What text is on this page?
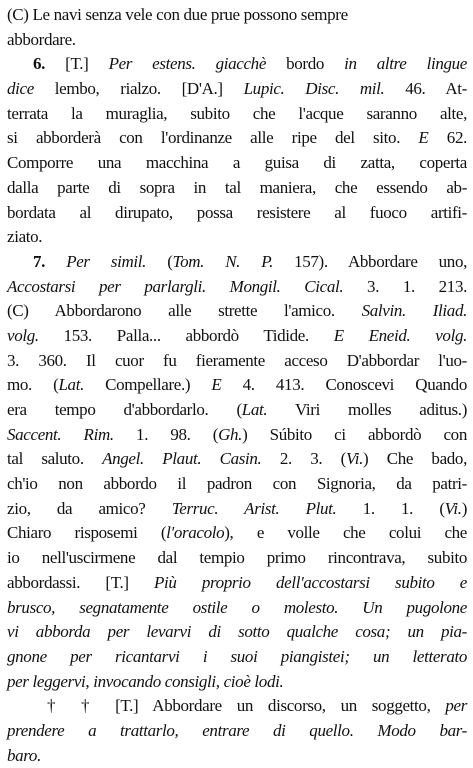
(C) Le navi senza vele con due prue possono sempre
abbordare.
6. [T.] Per estens. giacchè bordo in altre lingue
dice lembo, rialzo. [D'A.] Lupic. Disc. mil. 46. At-
terrata la muraglia, subito che l'acque saranno alte,
si abborderà con l'ordinanze alle ripe del sito. E 62.
Comporre una macchina a guisa di zatta, coperta
dalla parte di sopra in tal maniera, che essendo ab-
bordata al dirupato, possa resistere al fuoco artifi-
ziato.
7. Per simil. (Tom. N. P. 157). Abbordare uno,
Accostarsi per parlargli. Mongil. Cical. 3. 1. 213.
(C) Abbordarono alle strette l'amico. Salvin. Iliad.
volg. 153. Palla... abbordò Tidide. E Eneid. volg.
3. 360. Il cuor fu fieramente acceso D'abbordar l'uo-
mo. (Lat. Compellare.) E 4. 413. Conoscevi Quando
era tempo d'abbordarlo. (Lat. Viri molles aditus.)
Saccent. Rim. 1. 98. (Gh.) Súbito ci abbordò con
tal saluto. Angel. Plaut. Casin. 2. 3. (Vi.) Che bado,
ch'io non abbordo il padron con Signoria, da patri-
zio, da amico? Terruc. Arist. Plut. 1. 1. (Vi.)
Chiaro risposemi (l'oracolo), e volle che colui che
io nell'uscirmene dal tempio primo rincontrava, subito
abbordassi. [T.] Più proprio dell'accostarsi subito e
brusco, segnatamente ostile o molesto. Un pugolone
vi abborda per levarvi di sotto qualche cosa; un pia-
gnone per ricantarvi i suoi piangistei; un letterato
per leggervi, invocando consigli, cioè lodi.
† † [T.] Abbordare un discorso, un soggetto, per
prendere a trattarlo, entrare di quello. Modo bar-
baro.
